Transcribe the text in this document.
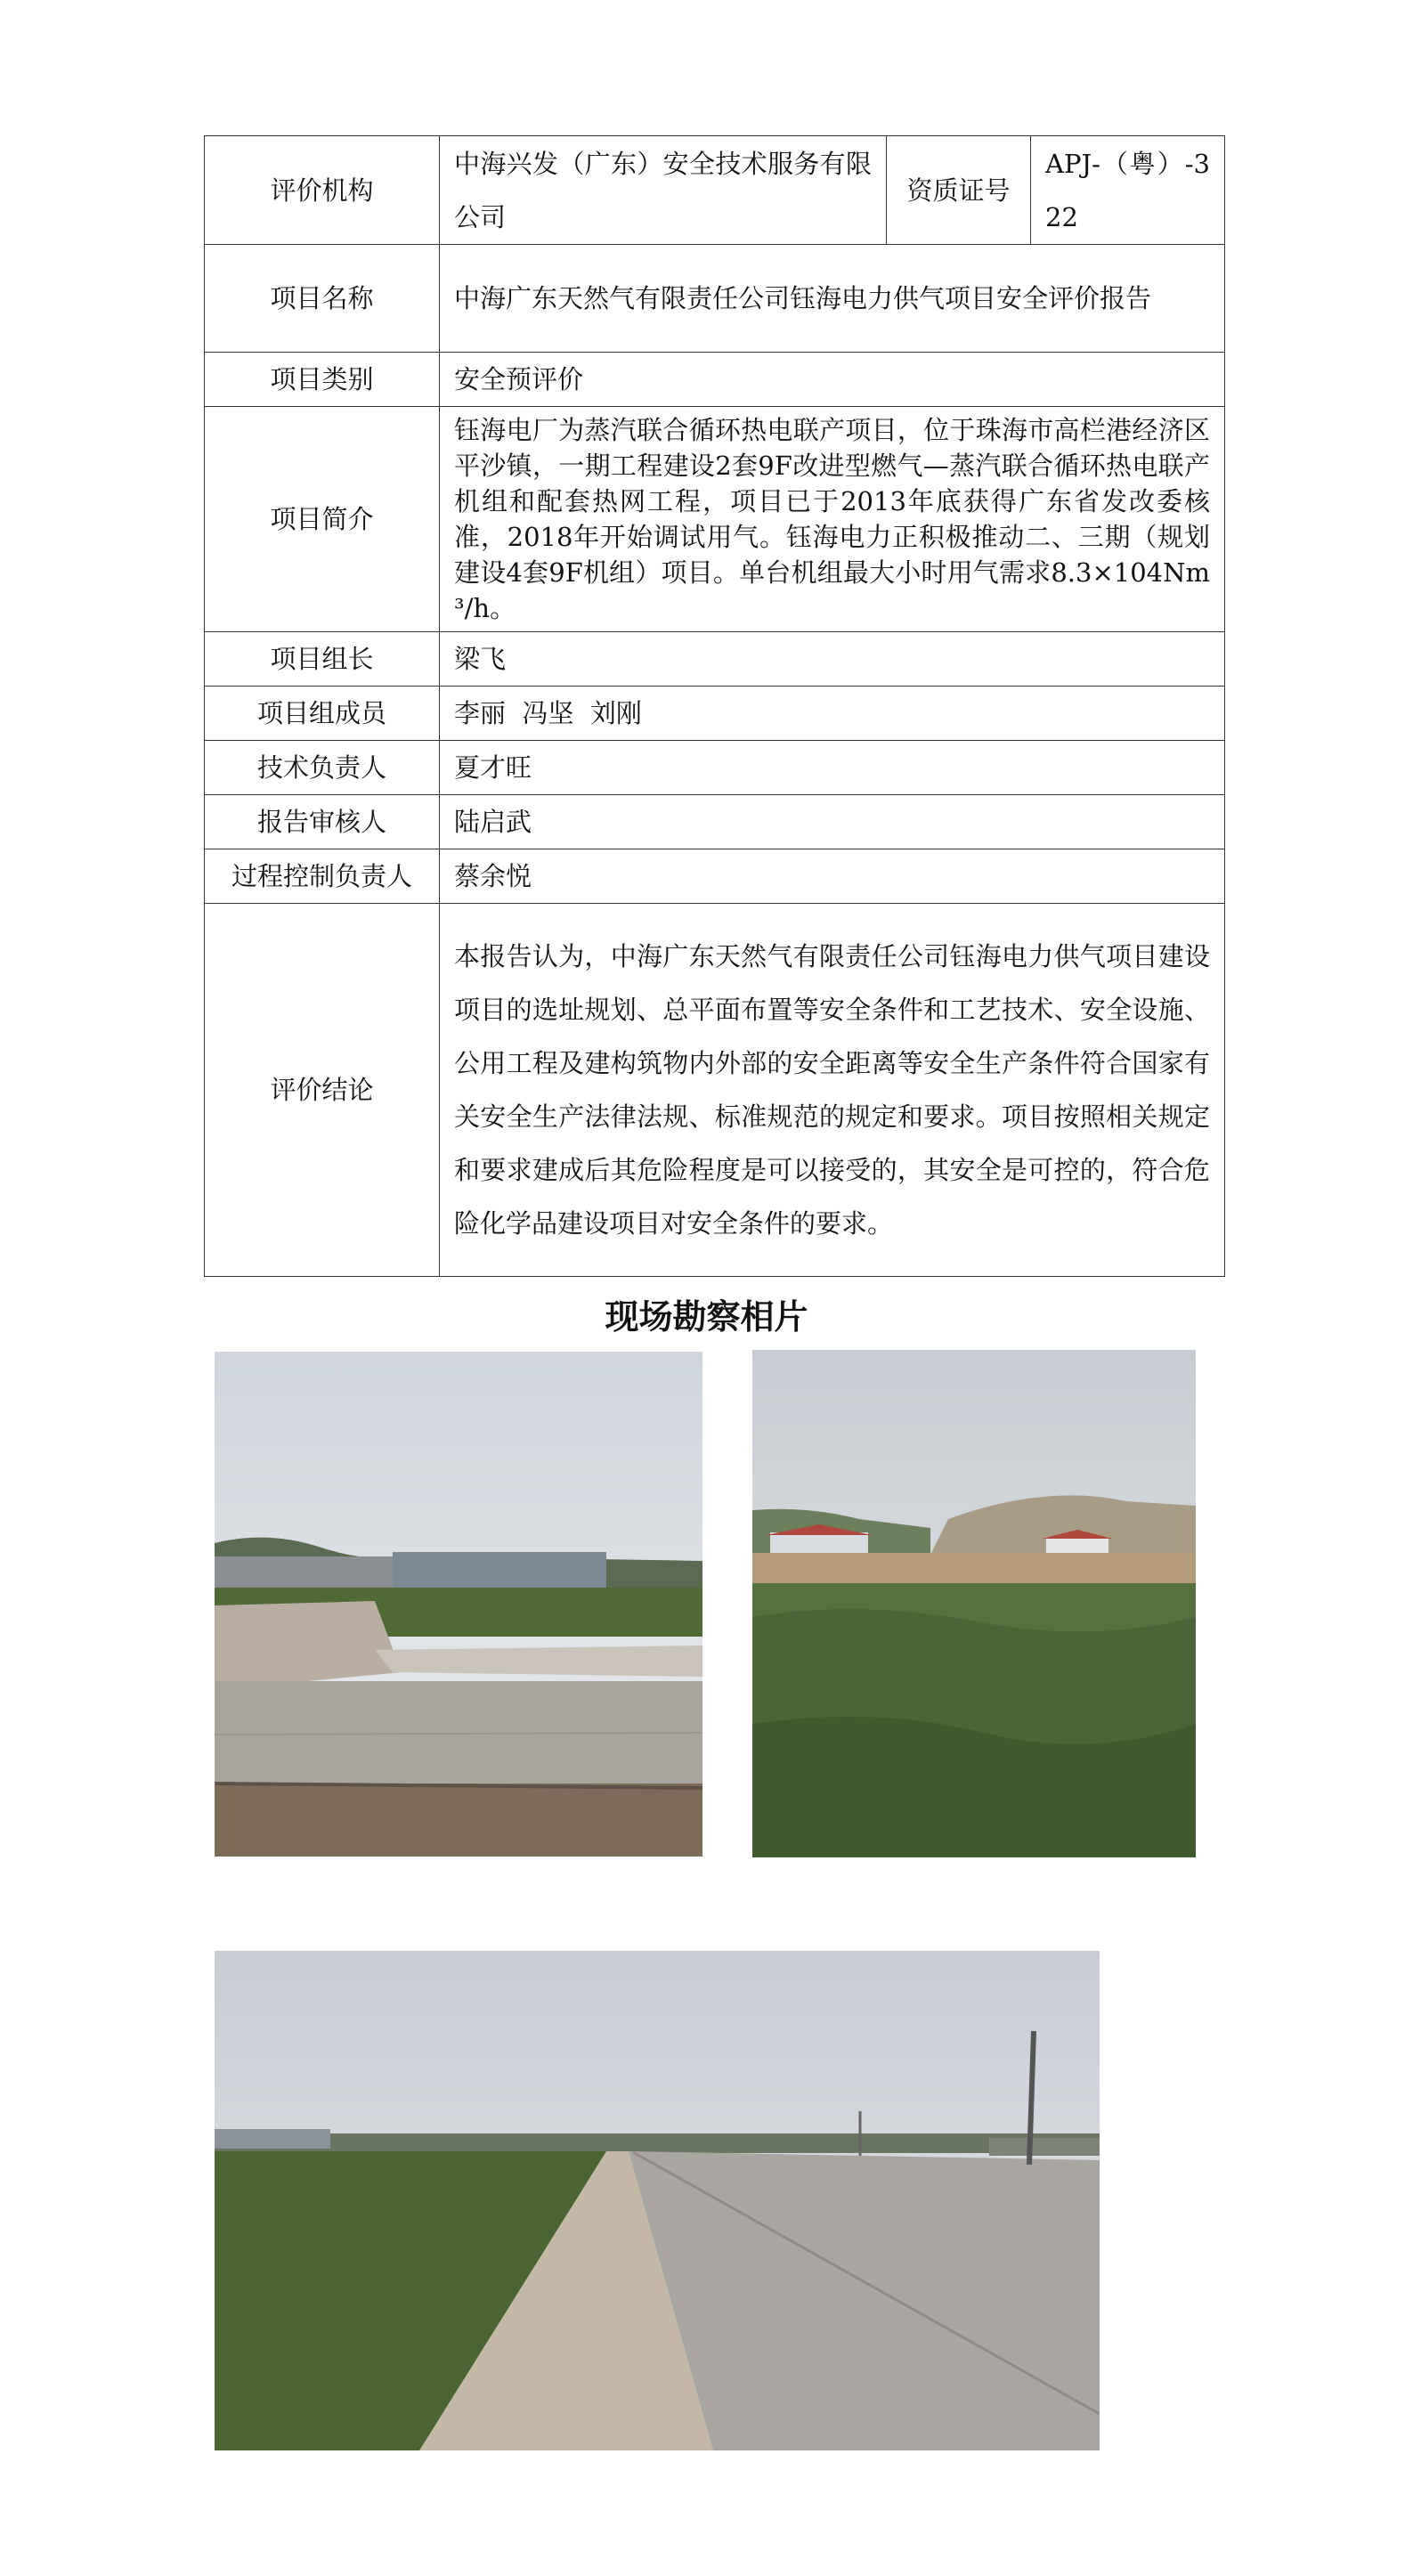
评价机构	中海兴发（广东）安全技术服务有限公司	资质证号	APJ-（粤）-322
项目名称	中海广东天然气有限责任公司钰海电力供气项目安全评价报告		
项目类别	安全预评价		
项目简介	钰海电厂为蒸汽联合循环热电联产项目，位于珠海市高栏港经济区平沙镇，一期工程建设2套9F改进型燃气—蒸汽联合循环热电联产机组和配套热网工程，项目已于2013年底获得广东省发改委核准，2018年开始调试用气。钰海电力正积极推动二、三期（规划建设4套9F机组）项目。单台机组最大小时用气需求8.3×104Nm³/h。		
项目组长	梁飞		
项目组成员	李丽  冯坚  刘刚		
技术负责人	夏才旺		
报告审核人	陆启武		
过程控制负责人	蔡余悦		
评价结论	本报告认为，中海广东天然气有限责任公司钰海电力供气项目建设项目的选址规划、总平面布置等安全条件和工艺技术、安全设施、公用工程及建构筑物内外部的安全距离等安全生产条件符合国家有关安全生产法律法规、标准规范的规定和要求。项目按照相关规定和要求建成后其危险程度是可以接受的，其安全是可控的，符合危险化学品建设项目对安全条件的要求。		
现场勘察相片
